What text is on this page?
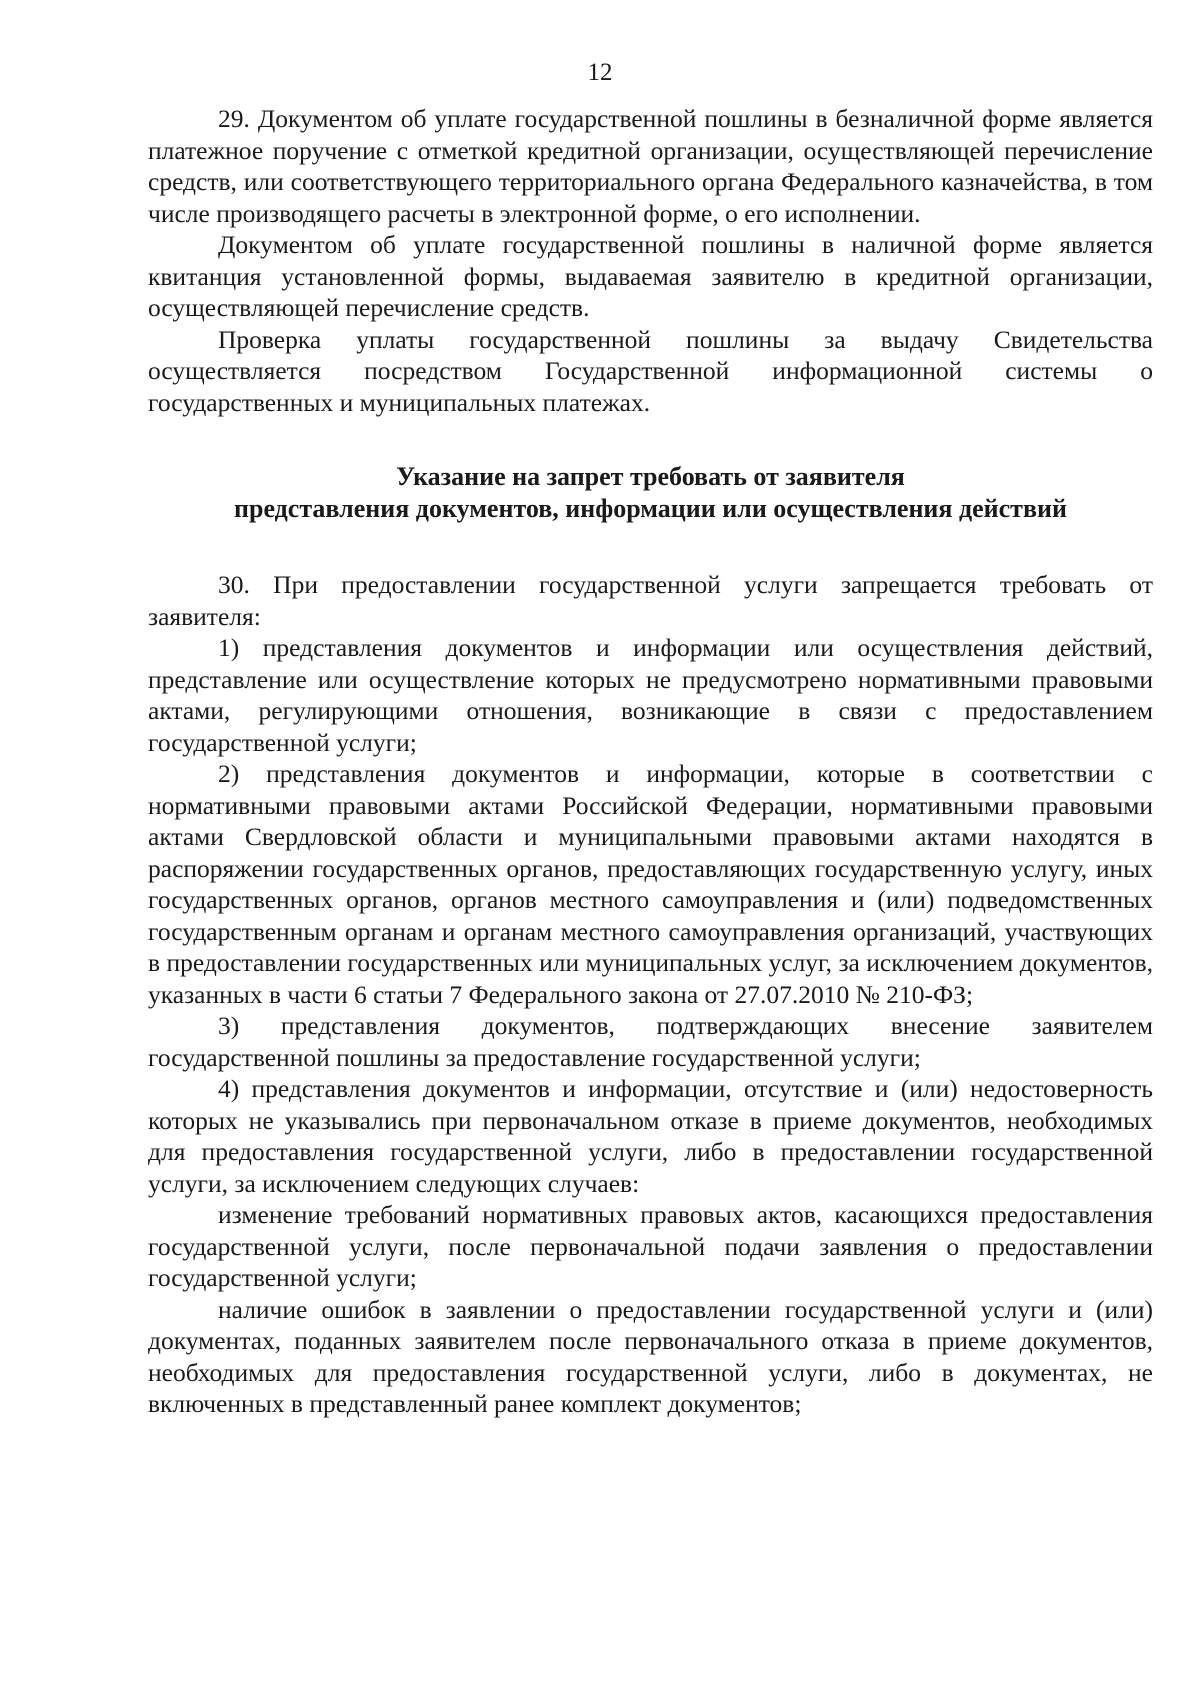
12

29. Документом об уплате государственной пошлины в безналичной форме является платежное поручение с отметкой кредитной организации, осуществляющей перечисление средств, или соответствующего территориального органа Федерального казначейства, в том числе производящего расчеты в электронной форме, о его исполнении.

Документом об уплате государственной пошлины в наличной форме является квитанция установленной формы, выдаваемая заявителю в кредитной организации, осуществляющей перечисление средств.

Проверка уплаты государственной пошлины за выдачу Свидетельства осуществляется посредством Государственной информационной системы о государственных и муниципальных платежах.

Указание на запрет требовать от заявителя
представления документов, информации или осуществления действий

30. При предоставлении государственной услуги запрещается требовать от заявителя:

1) представления документов и информации или осуществления действий, представление или осуществление которых не предусмотрено нормативными правовыми актами, регулирующими отношения, возникающие в связи с предоставлением государственной услуги;

2) представления документов и информации, которые в соответствии с нормативными правовыми актами Российской Федерации, нормативными правовыми актами Свердловской области и муниципальными правовыми актами находятся в распоряжении государственных органов, предоставляющих государственную услугу, иных государственных органов, органов местного самоуправления и (или) подведомственных государственным органам и органам местного самоуправления организаций, участвующих в предоставлении государственных или муниципальных услуг, за исключением документов, указанных в части 6 статьи 7 Федерального закона от 27.07.2010 № 210-ФЗ;

3) представления документов, подтверждающих внесение заявителем государственной пошлины за предоставление государственной услуги;

4) представления документов и информации, отсутствие и (или) недостоверность которых не указывались при первоначальном отказе в приеме документов, необходимых для предоставления государственной услуги, либо в предоставлении государственной услуги, за исключением следующих случаев:

изменение требований нормативных правовых актов, касающихся предоставления государственной услуги, после первоначальной подачи заявления о предоставлении государственной услуги;

наличие ошибок в заявлении о предоставлении государственной услуги и (или) документах, поданных заявителем после первоначального отказа в приеме документов, необходимых для предоставления государственной услуги, либо в документах, не включенных в представленный ранее комплект документов;
